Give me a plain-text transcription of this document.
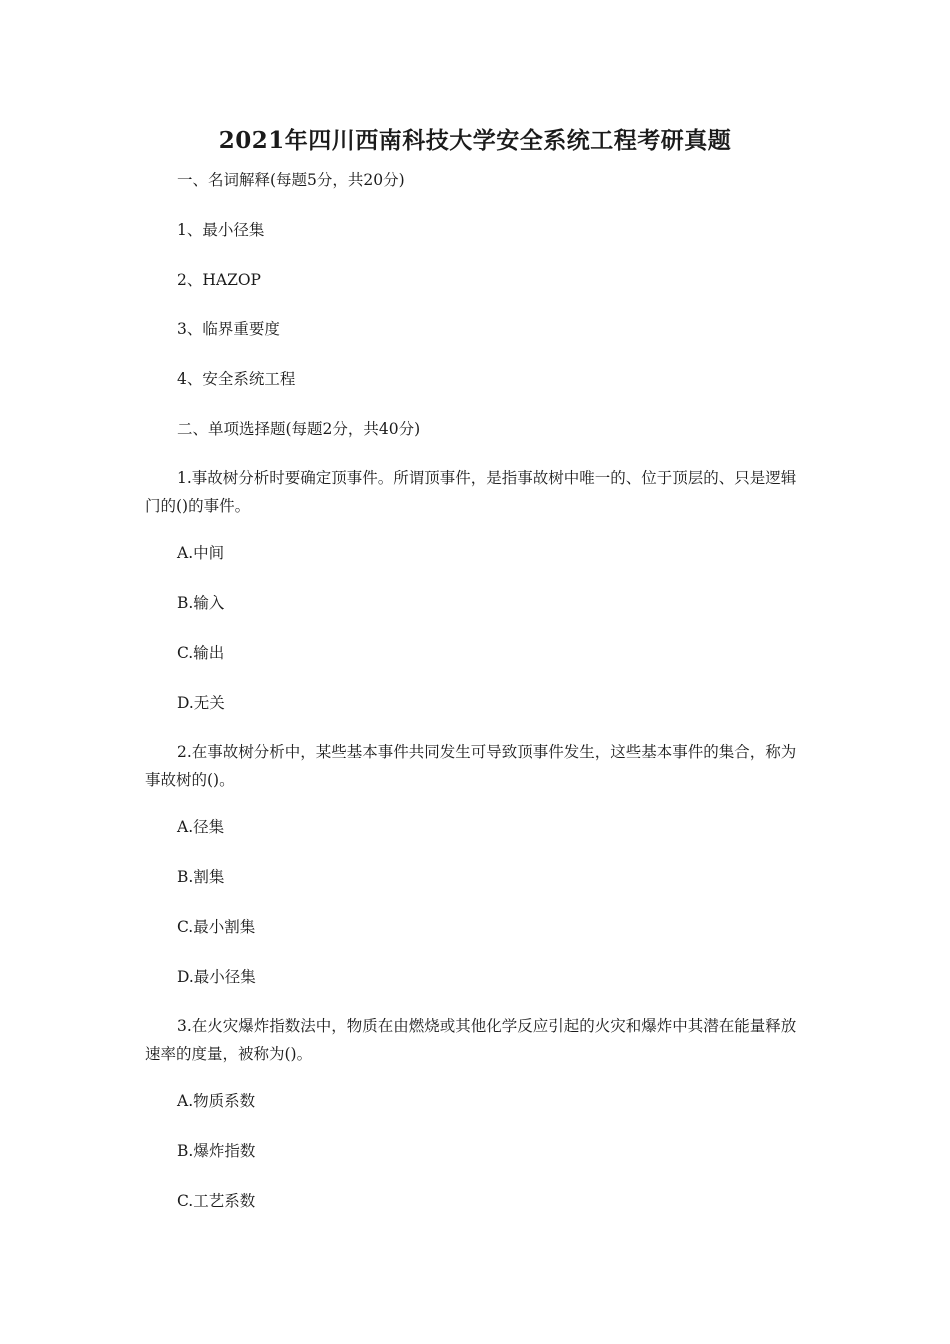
2021年四川西南科技大学安全系统工程考研真题
一、名词解释(每题5分，共20分)
1、最小径集
2、HAZOP
3、临界重要度
4、安全系统工程
二、单项选择题(每题2分，共40分)
1.事故树分析时要确定顶事件。所谓顶事件，是指事故树中唯一的、位于顶层的、只是逻辑门的()的事件。
A.中间
B.输入
C.输出
D.无关
2.在事故树分析中，某些基本事件共同发生可导致顶事件发生，这些基本事件的集合，称为事故树的()。
A.径集
B.割集
C.最小割集
D.最小径集
3.在火灾爆炸指数法中，物质在由燃烧或其他化学反应引起的火灾和爆炸中其潜在能量释放速率的度量，被称为()。
A.物质系数
B.爆炸指数
C.工艺系数
